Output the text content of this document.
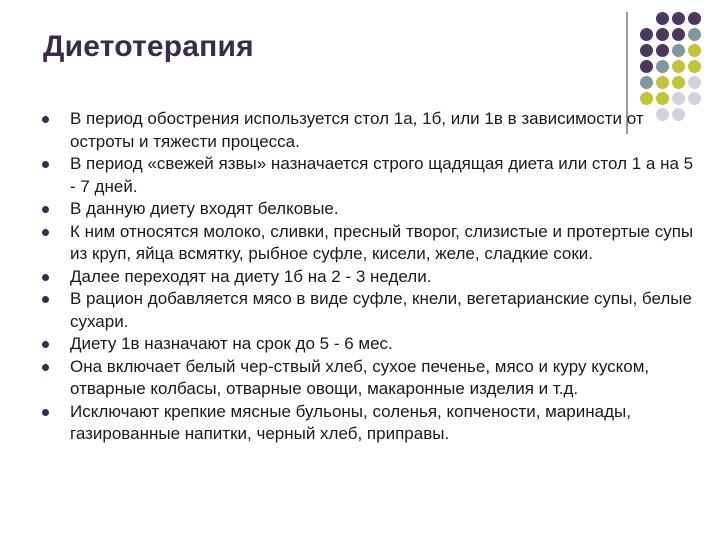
Диетотерапия
В период обострения используется стол 1а, 1б, или 1в в зависимости от остроты и тяжести процесса.
В период «свежей язвы» назначается строго щадящая диета или стол 1 а на 5 - 7 дней.
В данную диету входят белковые.
К ним относятся молоко, сливки, пресный творог, слизистые и протертые супы из круп, яйца всмятку, рыбное суфле, кисели, желе, сладкие соки.
Далее переходят на диету 1б на 2 - 3 недели.
В рацион добавляется мясо в виде суфле, кнели, вегетарианские супы, белые сухари.
Диету 1в назначают на срок до 5 - 6 мес.
Она включает белый чер-ствый хлеб, сухое печенье, мясо и куру куском, отварные колбасы, отварные овощи, макаронные изделия и т.д.
Исключают крепкие мясные бульоны, соленья, копчености, маринады, газированные напитки, черный хлеб, приправы.
